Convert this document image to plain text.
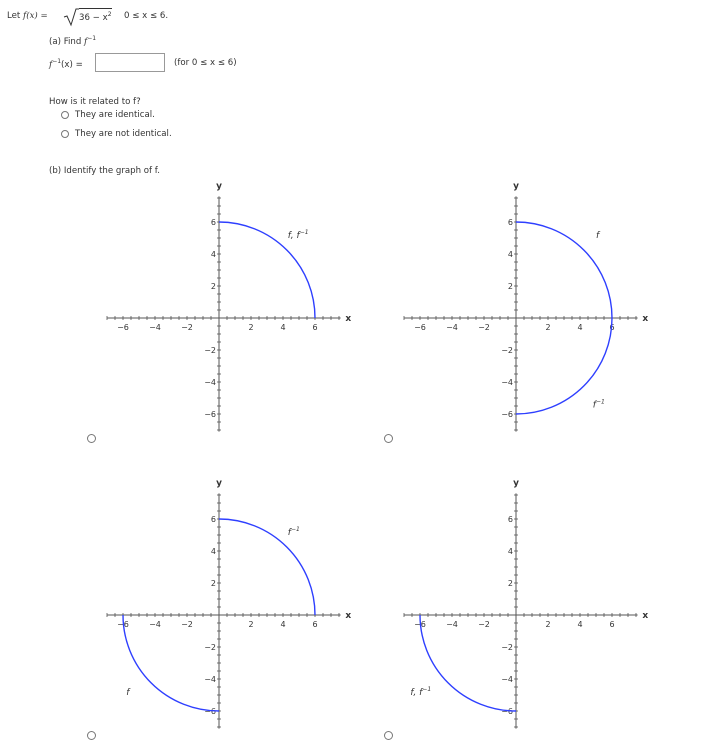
Let f(x) =	$36 - x^2$ 0 ≤ x ≤ 6.
(a) Find $f^{-1}$
$f^{-1}(x)$ =	(for 0 ≤ x ≤ 6)
How is it related to f?
They are identical.
They are not identical.
(b) Identify the graph of f.
2
−6	4
−4	6
−2
2
−2
4
−4
6
−6
x
y
f, $f^{-1}$
2
−6	4
−4	6
−2
2
−2
4
−4
6
−6
x
y
f
$f^{-1}$
2
−6	4
−4	6
−2
2
−2
4
−4
6
−6
x
y
$f^{-1}$
f
2
−6	4
−4	6
−2
2
−2
4
−4
6
−6
x
y
f, $f^{-1}$
